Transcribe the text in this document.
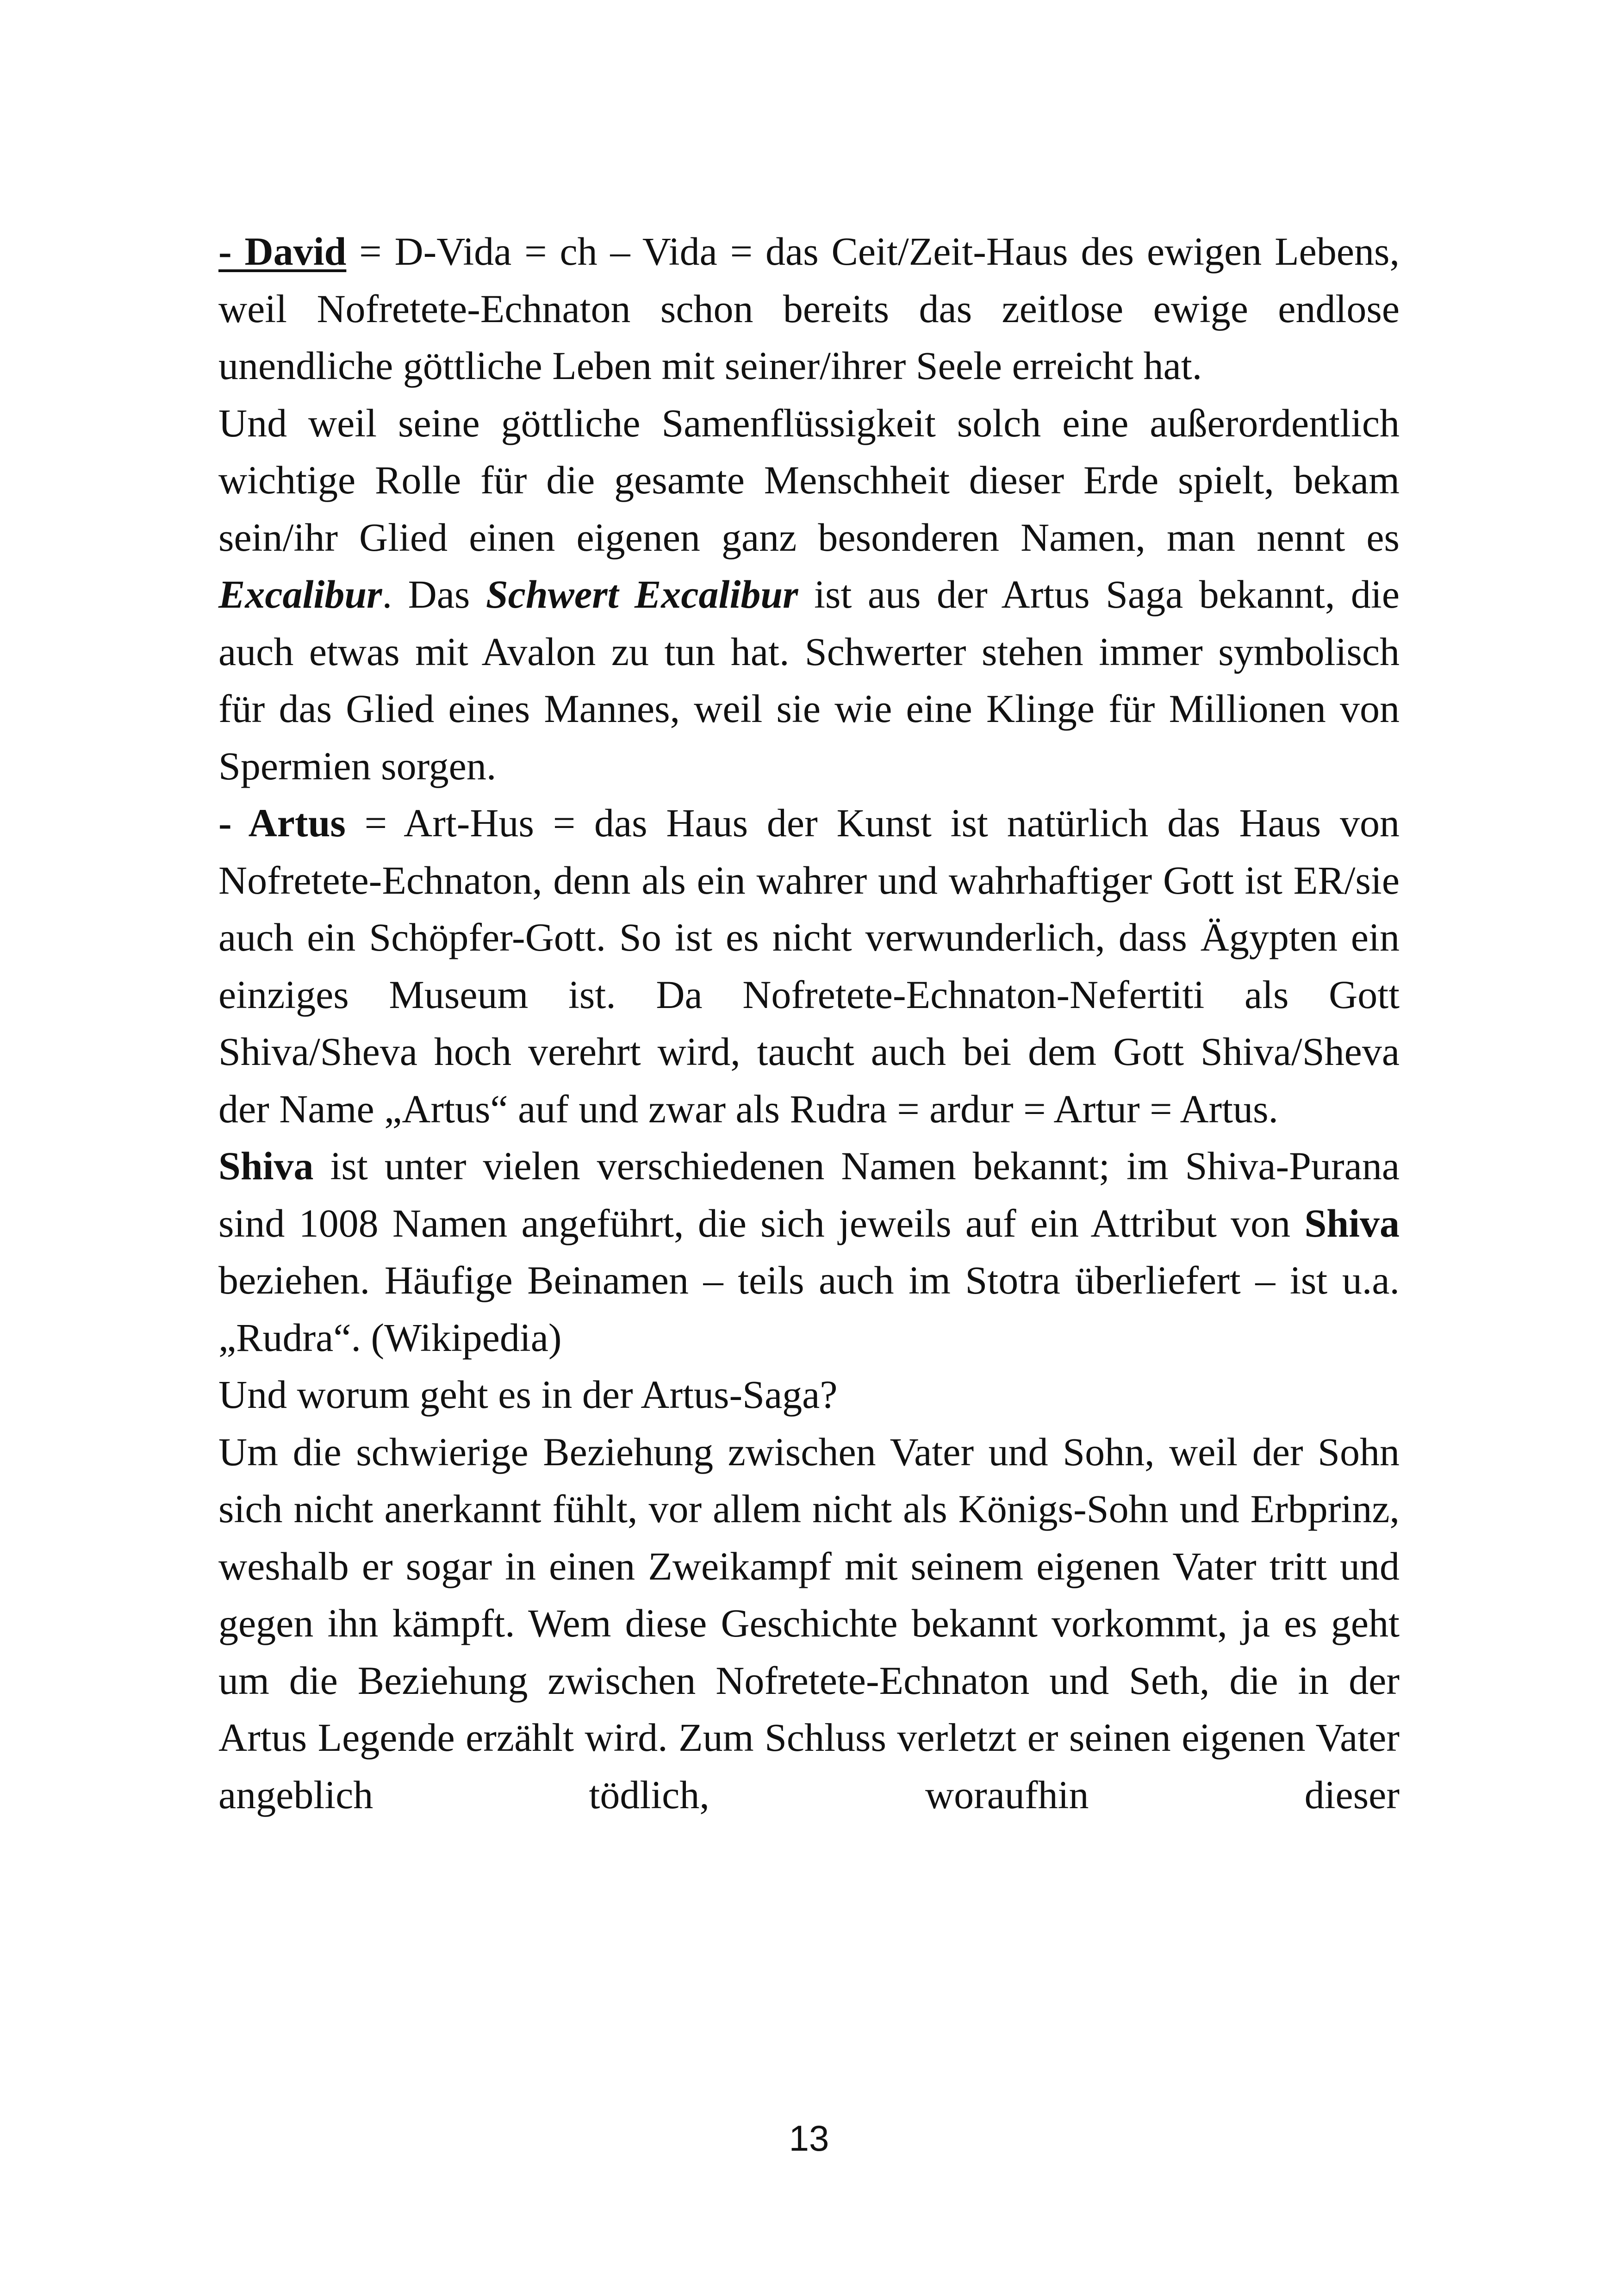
- David = D-Vida = ch – Vida = das Ceit/Zeit-Haus des ewigen Lebens, weil Nofretete-Echnaton schon bereits das zeitlose ewige endlose unendliche göttliche Leben mit seiner/ihrer Seele erreicht hat.

Und weil seine göttliche Samenflüssigkeit solch eine außerordentlich wichtige Rolle für die gesamte Menschheit dieser Erde spielt, bekam sein/ihr Glied einen eigenen ganz besonderen Namen, man nennt es Excalibur. Das Schwert Excalibur ist aus der Artus Saga bekannt, die auch etwas mit Avalon zu tun hat. Schwerter stehen immer symbolisch für das Glied eines Mannes, weil sie wie eine Klinge für Millionen von Spermien sorgen.

- Artus = Art-Hus = das Haus der Kunst ist natürlich das Haus von Nofretete-Echnaton, denn als ein wahrer und wahrhaftiger Gott ist ER/sie auch ein Schöpfer-Gott. So ist es nicht verwunderlich, dass Ägypten ein einziges Museum ist. Da Nofretete-Echnaton-Nefertiti als Gott Shiva/Sheva hoch verehrt wird, taucht auch bei dem Gott Shiva/Sheva der Name „Artus“ auf und zwar als Rudra = ardur = Artur = Artus.

Shiva ist unter vielen verschiedenen Namen bekannt; im Shiva-Purana sind 1008 Namen angeführt, die sich jeweils auf ein Attribut von Shiva beziehen. Häufige Beinamen – teils auch im Stotra überliefert – ist u.a. „Rudra“. (Wikipedia)

Und worum geht es in der Artus-Saga?

Um die schwierige Beziehung zwischen Vater und Sohn, weil der Sohn sich nicht anerkannt fühlt, vor allem nicht als Königs-Sohn und Erbprinz, weshalb er sogar in einen Zweikampf mit seinem eigenen Vater tritt und gegen ihn kämpft. Wem diese Geschichte bekannt vorkommt, ja es geht um die Beziehung zwischen Nofretete-Echnaton und Seth, die in der Artus Legende erzählt wird. Zum Schluss verletzt er seinen eigenen Vater angeblich tödlich, woraufhin dieser

13
